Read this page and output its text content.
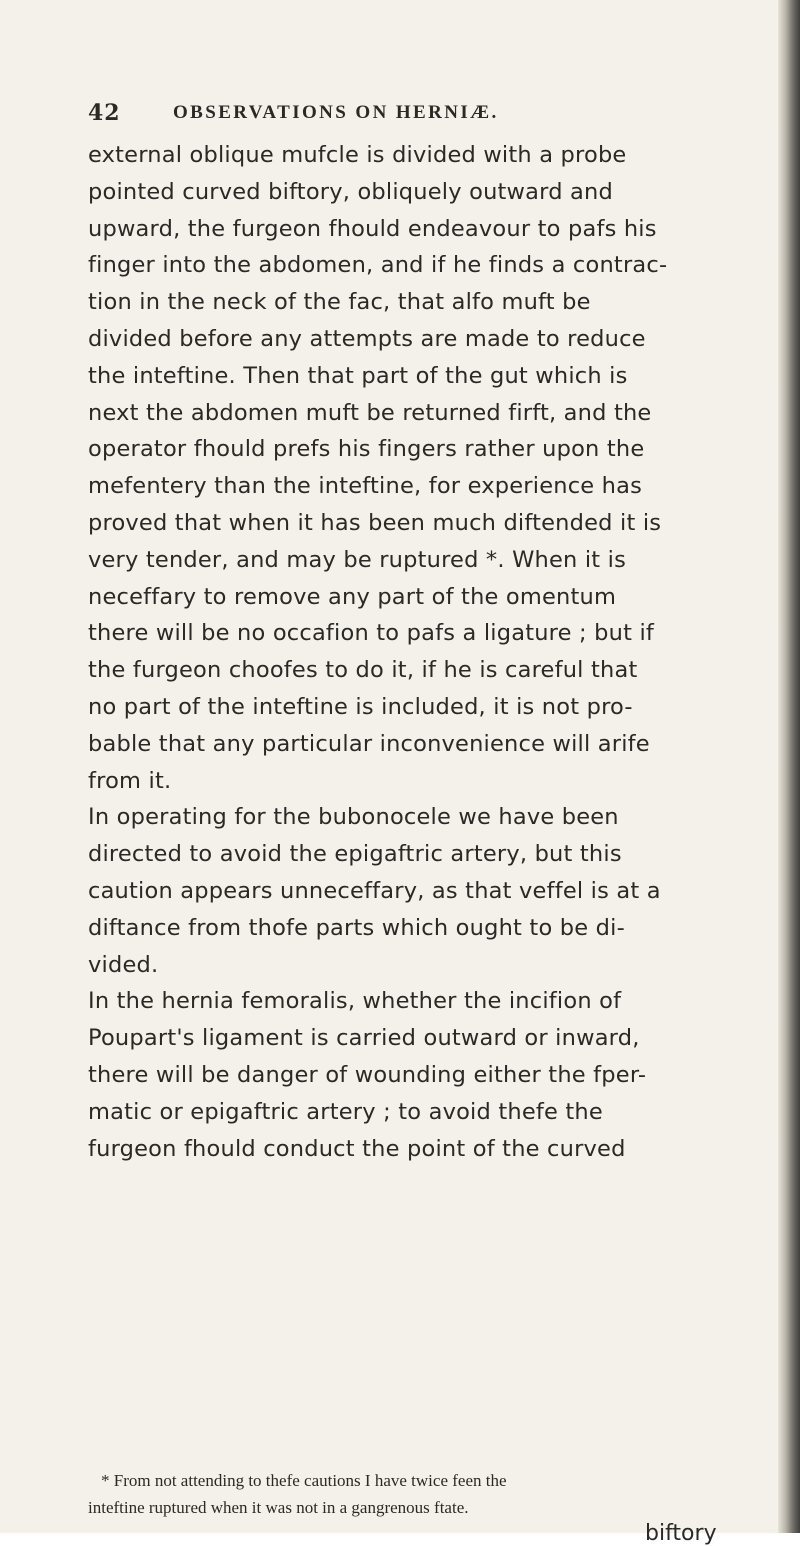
42	OBSERVATIONS ON HERNIÆ.
external oblique mufcle is divided with a probe
pointed curved biftory, obliquely outward and
upward, the furgeon fhould endeavour to pafs his
finger into the abdomen, and if he finds a contrac-
tion in the neck of the fac, that alfo muft be
divided before any attempts are made to reduce
the inteftine. Then that part of the gut which is
next the abdomen muft be returned firft, and the
operator fhould prefs his fingers rather upon the
mefentery than the inteftine, for experience has
proved that when it has been much diftended it is
very tender, and may be ruptured *. When it is
neceffary to remove any part of the omentum
there will be no occafion to pafs a ligature ; but if
the furgeon choofes to do it, if he is careful that
no part of the inteftine is included, it is not pro-
bable that any particular inconvenience will arife
from it.
In operating for the bubonocele we have been
directed to avoid the epigaftric artery, but this
caution appears unneceffary, as that veffel is at a
diftance from thofe parts which ought to be di-
vided.
In the hernia femoralis, whether the incifion of
Poupart's ligament is carried outward or inward,
there will be danger of wounding either the fper-
matic or epigaftric artery ; to avoid thefe the
furgeon fhould conduct the point of the curved
* From not attending to thefe cautions I have twice feen the
inteftine ruptured when it was not in a gangrenous ftate.
biftory
